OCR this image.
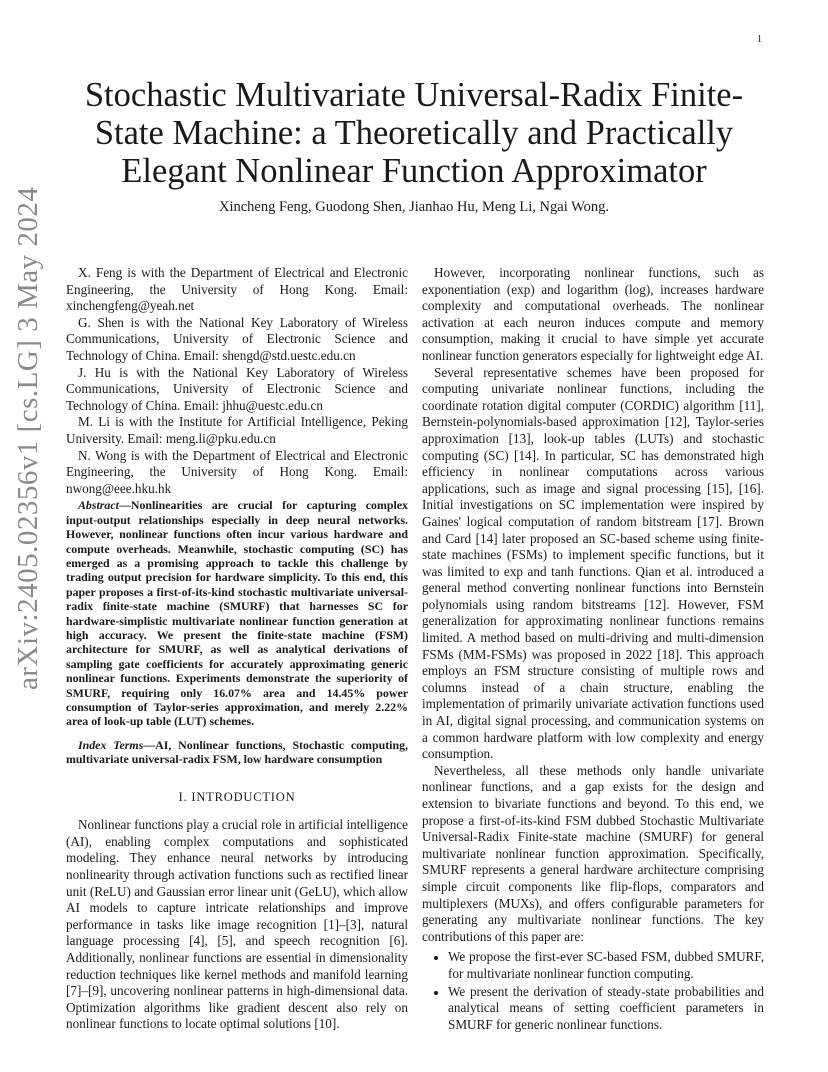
1
arXiv:2405.02356v1 [cs.LG] 3 May 2024
Stochastic Multivariate Universal-Radix Finite-State Machine: a Theoretically and Practically Elegant Nonlinear Function Approximator
Xincheng Feng, Guodong Shen, Jianhao Hu, Meng Li, Ngai Wong.

X. Feng is with the Department of Electrical and Electronic Engineering, the University of Hong Kong. Email: xinchengfeng@yeah.net

G. Shen is with the National Key Laboratory of Wireless Communications, University of Electronic Science and Technology of China. Email: shengd@std.uestc.edu.cn

J. Hu is with the National Key Laboratory of Wireless Communications, University of Electronic Science and Technology of China. Email: jhhu@uestc.edu.cn

M. Li is with the Institute for Artificial Intelligence, Peking University. Email: meng.li@pku.edu.cn

N. Wong is with the Department of Electrical and Electronic Engineering, the University of Hong Kong. Email: nwong@eee.hku.hk

Abstract—Nonlinearities are crucial for capturing complex input-output relationships especially in deep neural networks. However, nonlinear functions often incur various hardware and compute overheads. Meanwhile, stochastic computing (SC) has emerged as a promising approach to tackle this challenge by trading output precision for hardware simplicity. To this end, this paper proposes a first-of-its-kind stochastic multivariate universal-radix finite-state machine (SMURF) that harnesses SC for hardware-simplistic multivariate nonlinear function generation at high accuracy. We present the finite-state machine (FSM) architecture for SMURF, as well as analytical derivations of sampling gate coefficients for accurately approximating generic nonlinear functions. Experiments demonstrate the superiority of SMURF, requiring only 16.07% area and 14.45% power consumption of Taylor-series approximation, and merely 2.22% area of look-up table (LUT) schemes.

Index Terms—AI, Nonlinear functions, Stochastic computing, multivariate universal-radix FSM, low hardware consumption

I. INTRODUCTION

Nonlinear functions play a crucial role in artificial intelligence (AI), enabling complex computations and sophisticated modeling. They enhance neural networks by introducing nonlinearity through activation functions such as rectified linear unit (ReLU) and Gaussian error linear unit (GeLU), which allow AI models to capture intricate relationships and improve performance in tasks like image recognition [1]–[3], natural language processing [4], [5], and speech recognition [6]. Additionally, nonlinear functions are essential in dimensionality reduction techniques like kernel methods and manifold learning [7]–[9], uncovering nonlinear patterns in high-dimensional data. Optimization algorithms like gradient descent also rely on nonlinear functions to locate optimal solutions [10].

However, incorporating nonlinear functions, such as exponentiation (exp) and logarithm (log), increases hardware complexity and computational overheads. The nonlinear activation at each neuron induces compute and memory consumption, making it crucial to have simple yet accurate nonlinear function generators especially for lightweight edge AI.

Several representative schemes have been proposed for computing univariate nonlinear functions, including the coordinate rotation digital computer (CORDIC) algorithm [11], Bernstein-polynomials-based approximation [12], Taylor-series approximation [13], look-up tables (LUTs) and stochastic computing (SC) [14]. In particular, SC has demonstrated high efficiency in nonlinear computations across various applications, such as image and signal processing [15], [16]. Initial investigations on SC implementation were inspired by Gaines' logical computation of random bitstream [17]. Brown and Card [14] later proposed an SC-based scheme using finite-state machines (FSMs) to implement specific functions, but it was limited to exp and tanh functions. Qian et al. introduced a general method converting nonlinear functions into Bernstein polynomials using random bitstreams [12]. However, FSM generalization for approximating nonlinear functions remains limited. A method based on multi-driving and multi-dimension FSMs (MM-FSMs) was proposed in 2022 [18]. This approach employs an FSM structure consisting of multiple rows and columns instead of a chain structure, enabling the implementation of primarily univariate activation functions used in AI, digital signal processing, and communication systems on a common hardware platform with low complexity and energy consumption.

Nevertheless, all these methods only handle univariate nonlinear functions, and a gap exists for the design and extension to bivariate functions and beyond. To this end, we propose a first-of-its-kind FSM dubbed Stochastic Multivariate Universal-Radix Finite-state machine (SMURF) for general multivariate nonlinear function approximation. Specifically, SMURF represents a general hardware architecture comprising simple circuit components like flip-flops, comparators and multiplexers (MUXs), and offers configurable parameters for generating any multivariate nonlinear functions. The key contributions of this paper are:

• We propose the first-ever SC-based FSM, dubbed SMURF, for multivariate nonlinear function computing.
• We present the derivation of steady-state probabilities and analytical means of setting coefficient parameters in SMURF for generic nonlinear functions.
